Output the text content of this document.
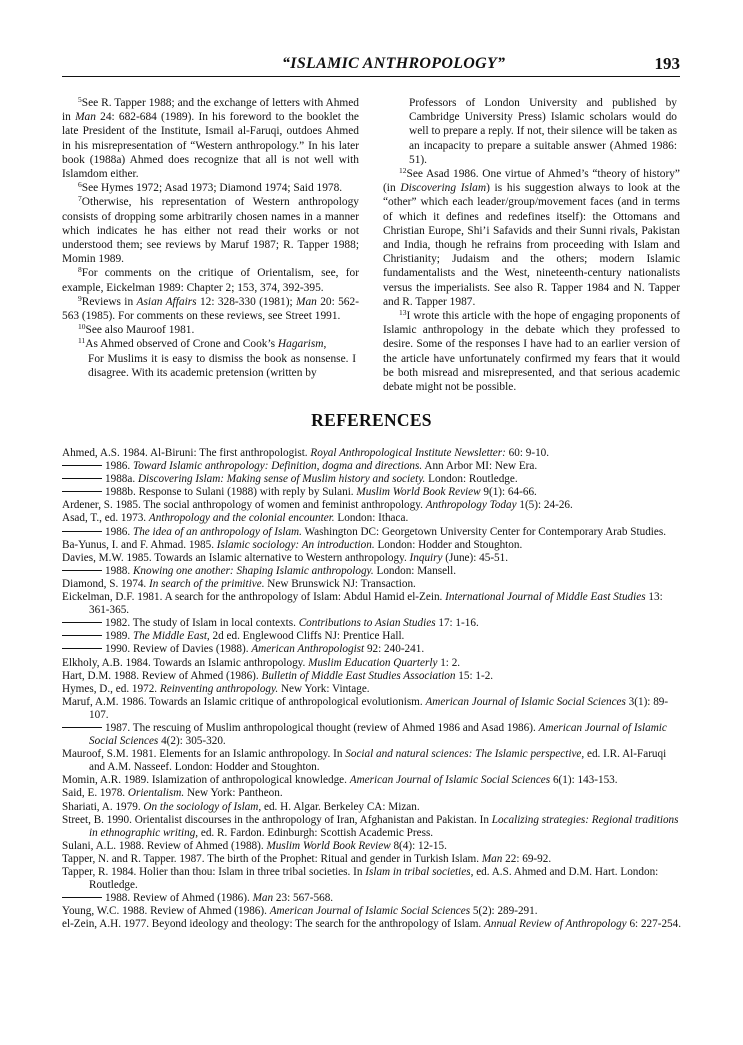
“ISLAMIC ANTHROPOLOGY”	193

$^5$See R. Tapper 1988; and the exchange of letters with Ahmed in Man 24: 682-684 (1989). In his foreword to the booklet the late President of the Institute, Ismail al-Faruqi, outdoes Ahmed in his misrepresentation of “Western anthropology.” In his later book (1988a) Ahmed does recognize that all is not well with Islamdom either.

$^6$See Hymes 1972; Asad 1973; Diamond 1974; Said 1978.

$^7$Otherwise, his representation of Western anthropology consists of dropping some arbitrarily chosen names in a manner which indicates he has either not read their works or not understood them; see reviews by Maruf 1987; R. Tapper 1988; Momin 1989.

$^8$For comments on the critique of Orientalism, see, for example, Eickelman 1989: Chapter 2; 153, 374, 392-395.

$^9$Reviews in Asian Affairs 12: 328-330 (1981); Man 20: 562-563 (1985). For comments on these reviews, see Street 1991.

$^{10}$See also Mauroof 1981.

$^{11}$As Ahmed observed of Crone and Cook’s Hagarism,

For Muslims it is easy to dismiss the book as nonsense. I disagree. With its academic pretension (written by

Professors of London University and published by Cambridge University Press) Islamic scholars would do well to prepare a reply. If not, their silence will be taken as an incapacity to prepare a suitable answer (Ahmed 1986: 51).

$^{12}$See Asad 1986. One virtue of Ahmed’s “theory of history” (in Discovering Islam) is his suggestion always to look at the “other” which each leader/group/movement faces (and in terms of which it defines and redefines itself): the Ottomans and Christian Europe, Shi’i Safavids and their Sunni rivals, Pakistan and India, though he refrains from proceeding with Islam and Christianity; Judaism and the others; modern Islamic fundamentalists and the West, nineteenth-century nationalists versus the imperialists. See also R. Tapper 1984 and N. Tapper and R. Tapper 1987.

$^{13}$I wrote this article with the hope of engaging proponents of Islamic anthropology in the debate which they professed to desire. Some of the responses I have had to an earlier version of the article have unfortunately confirmed my fears that it would be both misread and misrepresented, and that serious academic debate might not be possible.

REFERENCES

Ahmed, A.S. 1984. Al-Biruni: The first anthropologist. Royal Anthropological Institute Newsletter: 60: 9-10.

1986. Toward Islamic anthropology: Definition, dogma and directions. Ann Arbor MI: New Era.

1988a. Discovering Islam: Making sense of Muslim history and society. London: Routledge.

1988b. Response to Sulani (1988) with reply by Sulani. Muslim World Book Review 9(1): 64-66.

Ardener, S. 1985. The social anthropology of women and feminist anthropology. Anthropology Today 1(5): 24-26.

Asad, T., ed. 1973. Anthropology and the colonial encounter. London: Ithaca.

1986. The idea of an anthropology of Islam. Washington DC: Georgetown University Center for Contemporary Arab Studies.

Ba-Yunus, I. and F. Ahmad. 1985. Islamic sociology: An introduction. London: Hodder and Stoughton.

Davies, M.W. 1985. Towards an Islamic alternative to Western anthropology. Inquiry (June): 45-51.

1988. Knowing one another: Shaping Islamic anthropology. London: Mansell.

Diamond, S. 1974. In search of the primitive. New Brunswick NJ: Transaction.

Eickelman, D.F. 1981. A search for the anthropology of Islam: Abdul Hamid el-Zein. International Journal of Middle East Studies 13: 361-365.

1982. The study of Islam in local contexts. Contributions to Asian Studies 17: 1-16.

1989. The Middle East, 2d ed. Englewood Cliffs NJ: Prentice Hall.

1990. Review of Davies (1988). American Anthropologist 92: 240-241.

Elkholy, A.B. 1984. Towards an Islamic anthropology. Muslim Education Quarterly 1: 2.

Hart, D.M. 1988. Review of Ahmed (1986). Bulletin of Middle East Studies Association 15: 1-2.

Hymes, D., ed. 1972. Reinventing anthropology. New York: Vintage.

Maruf, A.M. 1986. Towards an Islamic critique of anthropological evolutionism. American Journal of Islamic Social Sciences 3(1): 89-107.

1987. The rescuing of Muslim anthropological thought (review of Ahmed 1986 and Asad 1986). American Journal of Islamic Social Sciences 4(2): 305-320.

Mauroof, S.M. 1981. Elements for an Islamic anthropology. In Social and natural sciences: The Islamic perspective, ed. I.R. Al-Faruqi and A.M. Nasseef. London: Hodder and Stoughton.

Momin, A.R. 1989. Islamization of anthropological knowledge. American Journal of Islamic Social Sciences 6(1): 143-153.

Said, E. 1978. Orientalism. New York: Pantheon.

Shariati, A. 1979. On the sociology of Islam, ed. H. Algar. Berkeley CA: Mizan.

Street, B. 1990. Orientalist discourses in the anthropology of Iran, Afghanistan and Pakistan. In Localizing strategies: Regional traditions in ethnographic writing, ed. R. Fardon. Edinburgh: Scottish Academic Press.

Sulani, A.L. 1988. Review of Ahmed (1988). Muslim World Book Review 8(4): 12-15.

Tapper, N. and R. Tapper. 1987. The birth of the Prophet: Ritual and gender in Turkish Islam. Man 22: 69-92.

Tapper, R. 1984. Holier than thou: Islam in three tribal societies. In Islam in tribal societies, ed. A.S. Ahmed and D.M. Hart. London: Routledge.

1988. Review of Ahmed (1986). Man 23: 567-568.

Young, W.C. 1988. Review of Ahmed (1986). American Journal of Islamic Social Sciences 5(2): 289-291.

el-Zein, A.H. 1977. Beyond ideology and theology: The search for the anthropology of Islam. Annual Review of Anthropology 6: 227-254.
